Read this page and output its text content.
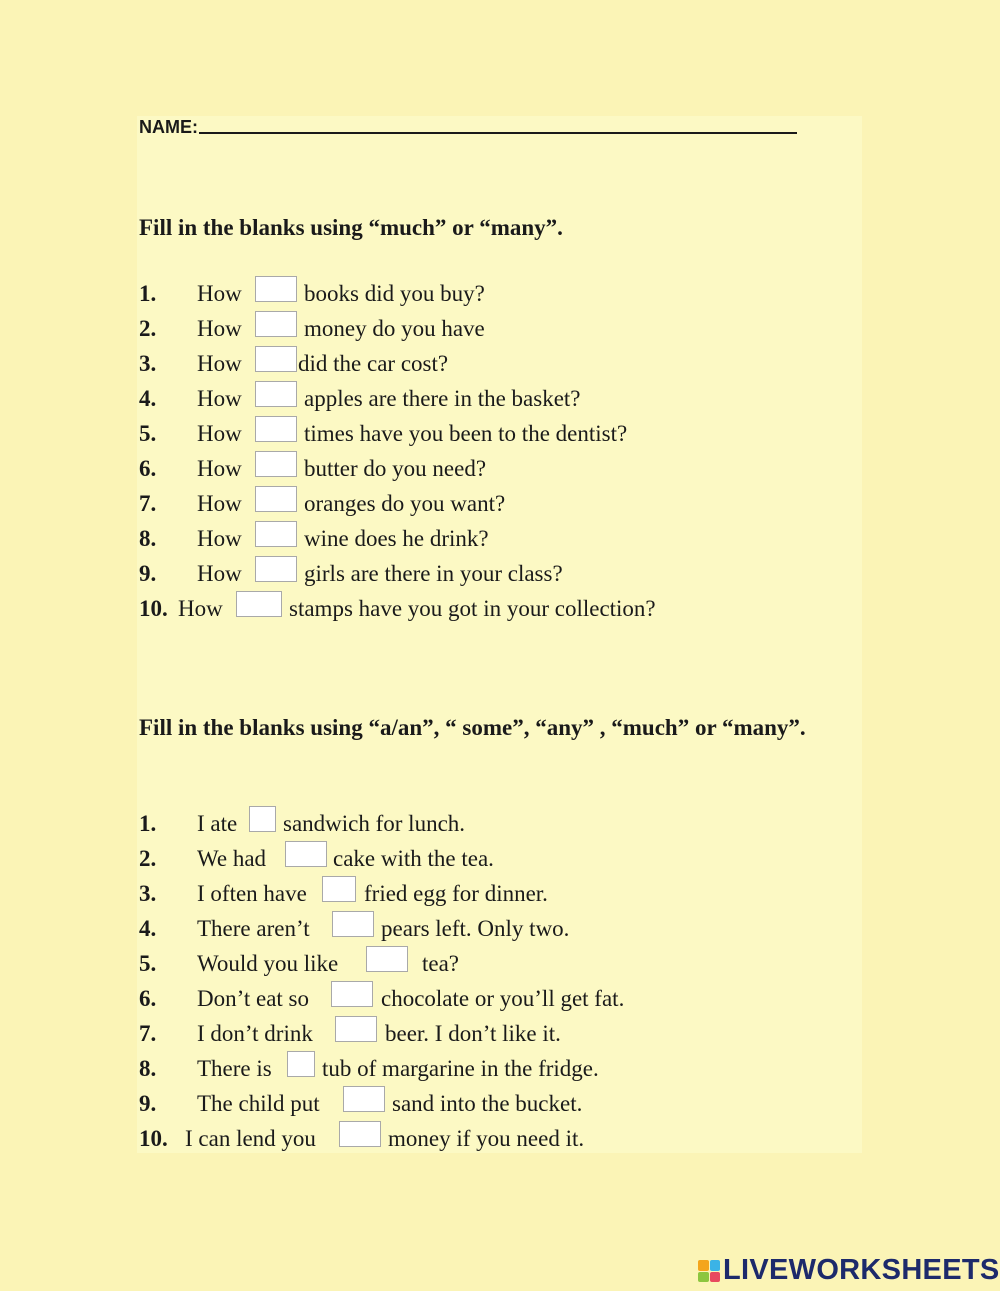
NAME:
Fill in the blanks using “much” or “many”.
1. How	books did you buy?
2. How	money do you have
3. How did the car cost?
4. How	apples are there in the basket?
5. How	times have you been to the dentist?
6. How	butter do you need?
7. How	oranges do you want?
8. How	wine does he drink?
9. How	girls are there in your class?
10. How	stamps have you got in your collection?
Fill in the blanks using “a/an”, “ some”, “any” , “much” or “many”.
1. I ate sandwich for lunch.
2. We had	cake with the tea.
3. I often have fried egg for dinner.
4. There aren’t	pears left. Only two.
5. Would you like	tea?
6. Don’t eat so	chocolate or you’ll get fat.
7. I don’t drink	beer. I don’t like it.
8. There is tub of margarine in the fridge.
9. The child put	sand into the bucket.
10. I can lend you	money if you need it.
LIVEWORKSHEETS
